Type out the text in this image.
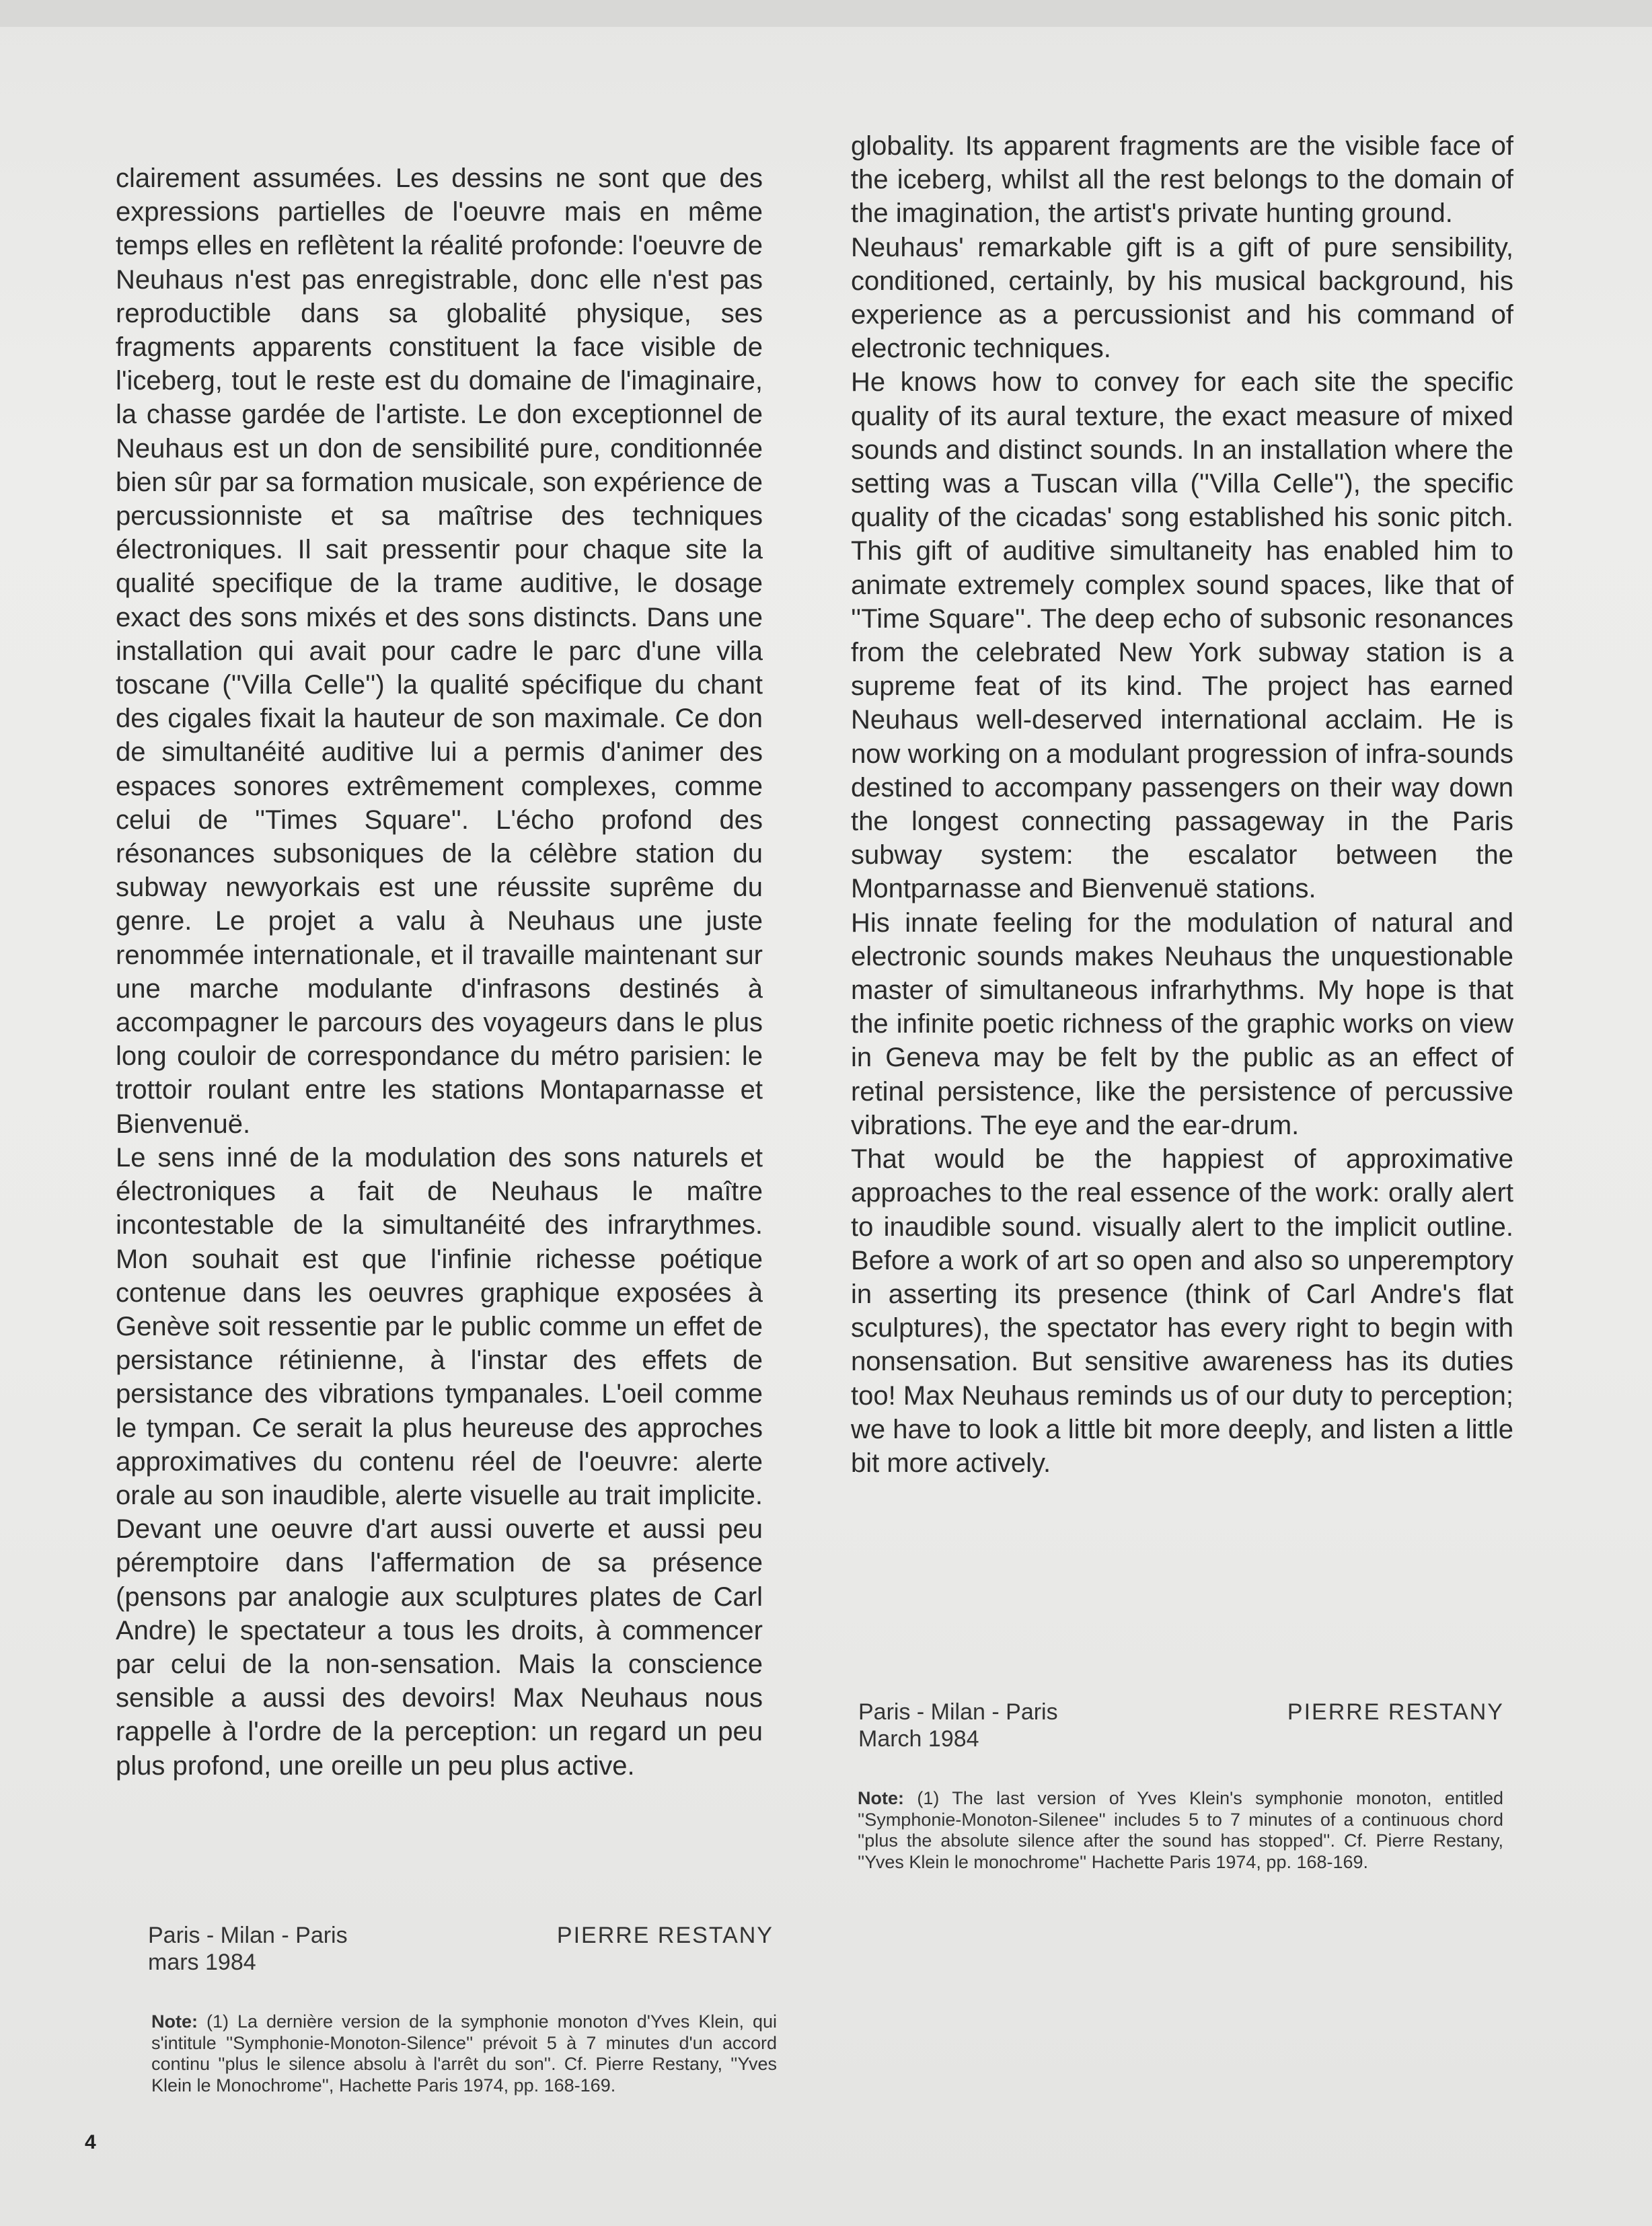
clairement assumées. Les dessins ne sont que des expressions partielles de l'oeuvre mais en même temps elles en reflètent la réalité profonde: l'oeuvre de Neuhaus n'est pas enregistrable, donc elle n'est pas reproductible dans sa globalité physique, ses fragments apparents constituent la face visible de l'iceberg, tout le reste est du domaine de l'imaginaire, la chasse gardée de l'artiste. Le don exceptionnel de Neuhaus est un don de sensibilité pure, conditionnée bien sûr par sa formation musicale, son expérience de percussionniste et sa maîtrise des techniques électroniques. Il sait pressentir pour chaque site la qualité specifique de la trame auditive, le dosage exact des sons mixés et des sons distincts. Dans une installation qui avait pour cadre le parc d'une villa toscane (''Villa Celle'') la qualité spécifique du chant des cigales fixait la hauteur de son maximale. Ce don de simultanéité auditive lui a permis d'animer des espaces sonores extrêmement complexes, comme celui de ''Times Square''. L'écho profond des résonances subsoniques de la célèbre station du subway newyorkais est une réussite suprême du genre. Le projet a valu à Neuhaus une juste renommée internationale, et il travaille maintenant sur une marche modulante d'infrasons destinés à accompagner le parcours des voyageurs dans le plus long couloir de correspondance du métro parisien: le trottoir roulant entre les stations Montaparnasse et Bienvenuë.

Le sens inné de la modulation des sons naturels et électroniques a fait de Neuhaus le maître incontestable de la simultanéité des infrarythmes. Mon souhait est que l'infinie richesse poétique contenue dans les oeuvres graphique exposées à Genève soit ressentie par le public comme un effet de persistance rétinienne, à l'instar des effets de persistance des vibrations tympanales. L'oeil comme le tympan. Ce serait la plus heureuse des approches approximatives du contenu réel de l'oeuvre: alerte orale au son inaudible, alerte visuelle au trait implicite. Devant une oeuvre d'art aussi ouverte et aussi peu péremptoire dans l'affermation de sa présence (pensons par analogie aux sculptures plates de Carl Andre) le spectateur a tous les droits, à commencer par celui de la non-sensation. Mais la conscience sensible a aussi des devoirs! Max Neuhaus nous rappelle à l'ordre de la perception: un regard un peu plus profond, une oreille un peu plus active.

Paris - Milan - Paris
mars 1984
PIERRE RESTANY
Note: (1) La dernière version de la symphonie monoton d'Yves Klein, qui s'intitule ''Symphonie-Monoton-Silence'' prévoit 5 à 7 minutes d'un accord continu ''plus le silence absolu à l'arrêt du son''. Cf. Pierre Restany, ''Yves Klein le Monochrome'', Hachette Paris 1974, pp. 168-169.

globality. Its apparent fragments are the visible face of the iceberg, whilst all the rest belongs to the domain of the imagination, the artist's private hunting ground.

Neuhaus' remarkable gift is a gift of pure sensibility, conditioned, certainly, by his musical background, his experience as a percussionist and his command of electronic techniques.

He knows how to convey for each site the specific quality of its aural texture, the exact measure of mixed sounds and distinct sounds. In an installation where the setting was a Tuscan villa (''Villa Celle''), the specific quality of the cicadas' song established his sonic pitch. This gift of auditive simultaneity has enabled him to animate extremely complex sound spaces, like that of ''Time Square''. The deep echo of subsonic resonances from the celebrated New York subway station is a supreme feat of its kind. The project has earned Neuhaus well-deserved international acclaim. He is now working on a modulant progression of infra-sounds destined to accompany passengers on their way down the longest connecting passageway in the Paris subway system: the escalator between the Montparnasse and Bienvenuë stations.

His innate feeling for the modulation of natural and electronic sounds makes Neuhaus the unquestionable master of simultaneous infrarhythms. My hope is that the infinite poetic richness of the graphic works on view in Geneva may be felt by the public as an effect of retinal persistence, like the persistence of percussive vibrations. The eye and the ear-drum.

That would be the happiest of approximative approaches to the real essence of the work: orally alert to inaudible sound. visually alert to the implicit outline. Before a work of art so open and also so unperemptory in asserting its presence (think of Carl Andre's flat sculptures), the spectator has every right to begin with nonsensation. But sensitive awareness has its duties too! Max Neuhaus reminds us of our duty to perception; we have to look a little bit more deeply, and listen a little bit more actively.

Paris - Milan - Paris
March 1984
PIERRE RESTANY
Note: (1) The last version of Yves Klein's symphonie monoton, entitled ''Symphonie-Monoton-Silenee'' includes 5 to 7 minutes of a continuous chord ''plus the absolute silence after the sound has stopped''. Cf. Pierre Restany, ''Yves Klein le monochrome'' Hachette Paris 1974, pp. 168-169.
4
